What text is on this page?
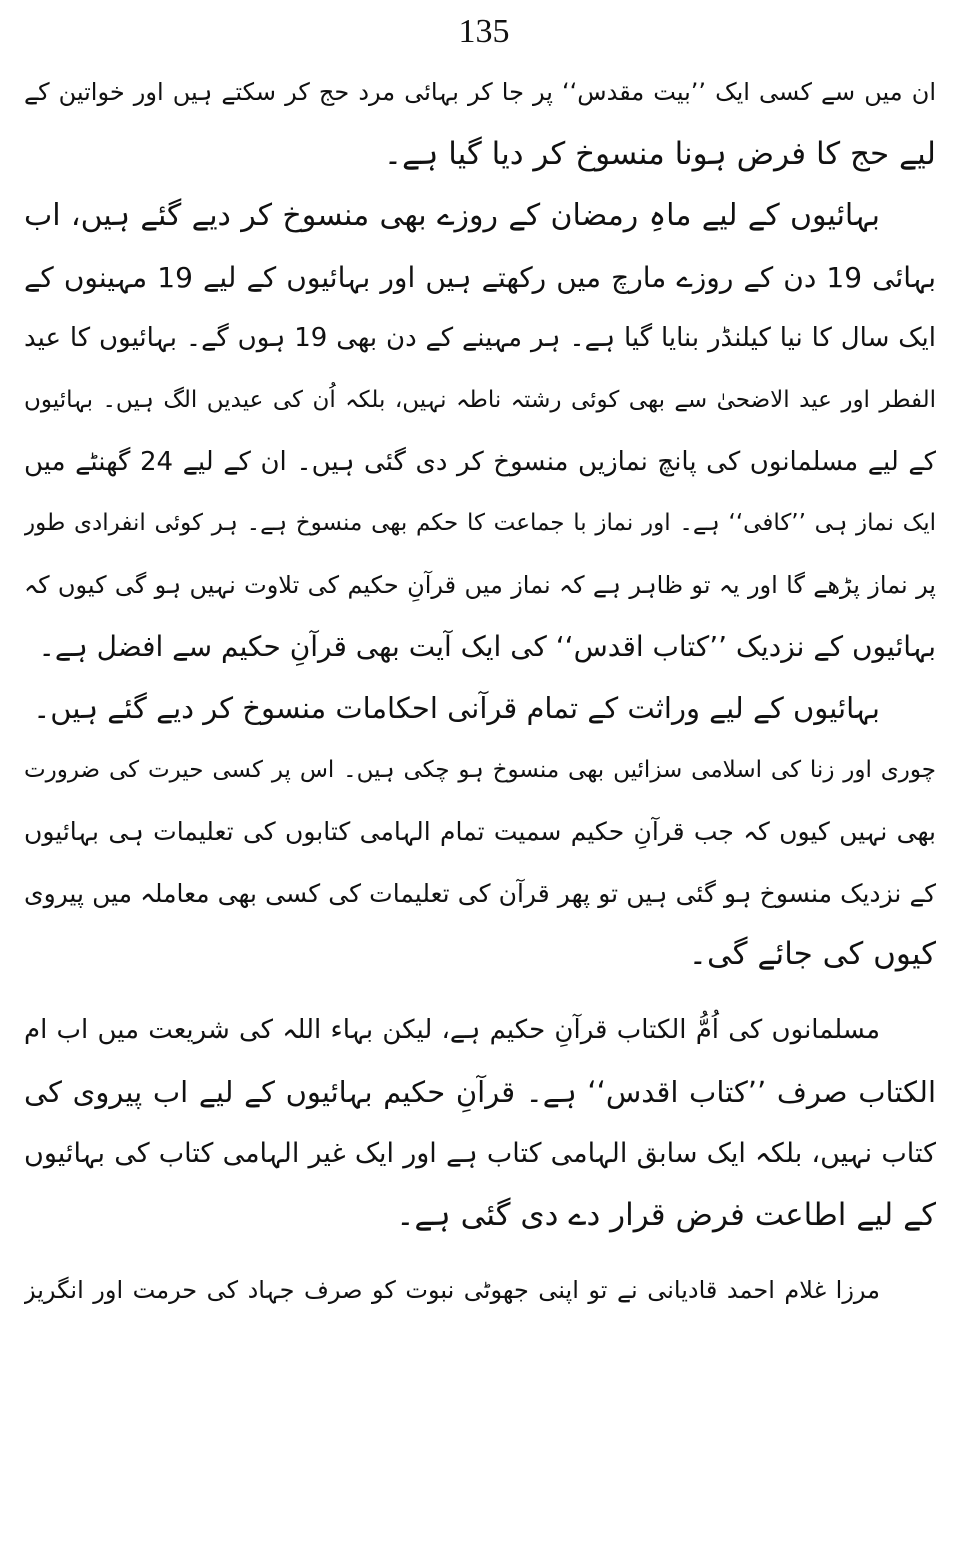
135
ان میں سے کسی ایک ’’بیت مقدس‘‘ پر جا کر بہائی مرد حج کر سکتے ہیں اور خواتین کے
لیے حج کا فرض ہونا منسوخ کر دیا گیا ہے۔
بہائیوں کے لیے ماہِ رمضان کے روزے بھی منسوخ کر دیے گئے ہیں، اب
بہائی 19 دن کے روزے مارچ میں رکھتے ہیں اور بہائیوں کے لیے 19 مہینوں کے
ایک سال کا نیا کیلنڈر بنایا گیا ہے۔ ہر مہینے کے دن بھی 19 ہوں گے۔ بہائیوں کا عید
الفطر اور عید الاضحیٰ سے بھی کوئی رشتہ ناطہ نہیں، بلکہ اُن کی عیدیں الگ ہیں۔ بہائیوں
کے لیے مسلمانوں کی پانچ نمازیں منسوخ کر دی گئی ہیں۔ ان کے لیے 24 گھنٹے میں
ایک نماز ہی ’’کافی‘‘ ہے۔ اور نماز با جماعت کا حکم بھی منسوخ ہے۔ ہر کوئی انفرادی طور
پر نماز پڑھے گا اور یہ تو ظاہر ہے کہ نماز میں قرآنِ حکیم کی تلاوت نہیں ہو گی کیوں کہ
بہائیوں کے نزدیک ’’کتاب اقدس‘‘ کی ایک آیت بھی قرآنِ حکیم سے افضل ہے۔
بہائیوں کے لیے وراثت کے تمام قرآنی احکامات منسوخ کر دیے گئے ہیں۔
چوری اور زنا کی اسلامی سزائیں بھی منسوخ ہو چکی ہیں۔ اس پر کسی حیرت کی ضرورت
بھی نہیں کیوں کہ جب قرآنِ حکیم سمیت تمام الہامی کتابوں کی تعلیمات ہی بہائیوں
کے نزدیک منسوخ ہو گئی ہیں تو پھر قرآن کی تعلیمات کی کسی بھی معاملہ میں پیروی
کیوں کی جائے گی۔
مسلمانوں کی اُمُّ الکتاب قرآنِ حکیم ہے، لیکن بہاء اللہ کی شریعت میں اب ام
الکتاب صرف ’’کتاب اقدس‘‘ ہے۔ قرآنِ حکیم بہائیوں کے لیے اب پیروی کی
کتاب نہیں، بلکہ ایک سابق الہامی کتاب ہے اور ایک غیر الہامی کتاب کی بہائیوں
کے لیے اطاعت فرض قرار دے دی گئی ہے۔
مرزا غلام احمد قادیانی نے تو اپنی جھوٹی نبوت کو صرف جہاد کی حرمت اور انگریز
